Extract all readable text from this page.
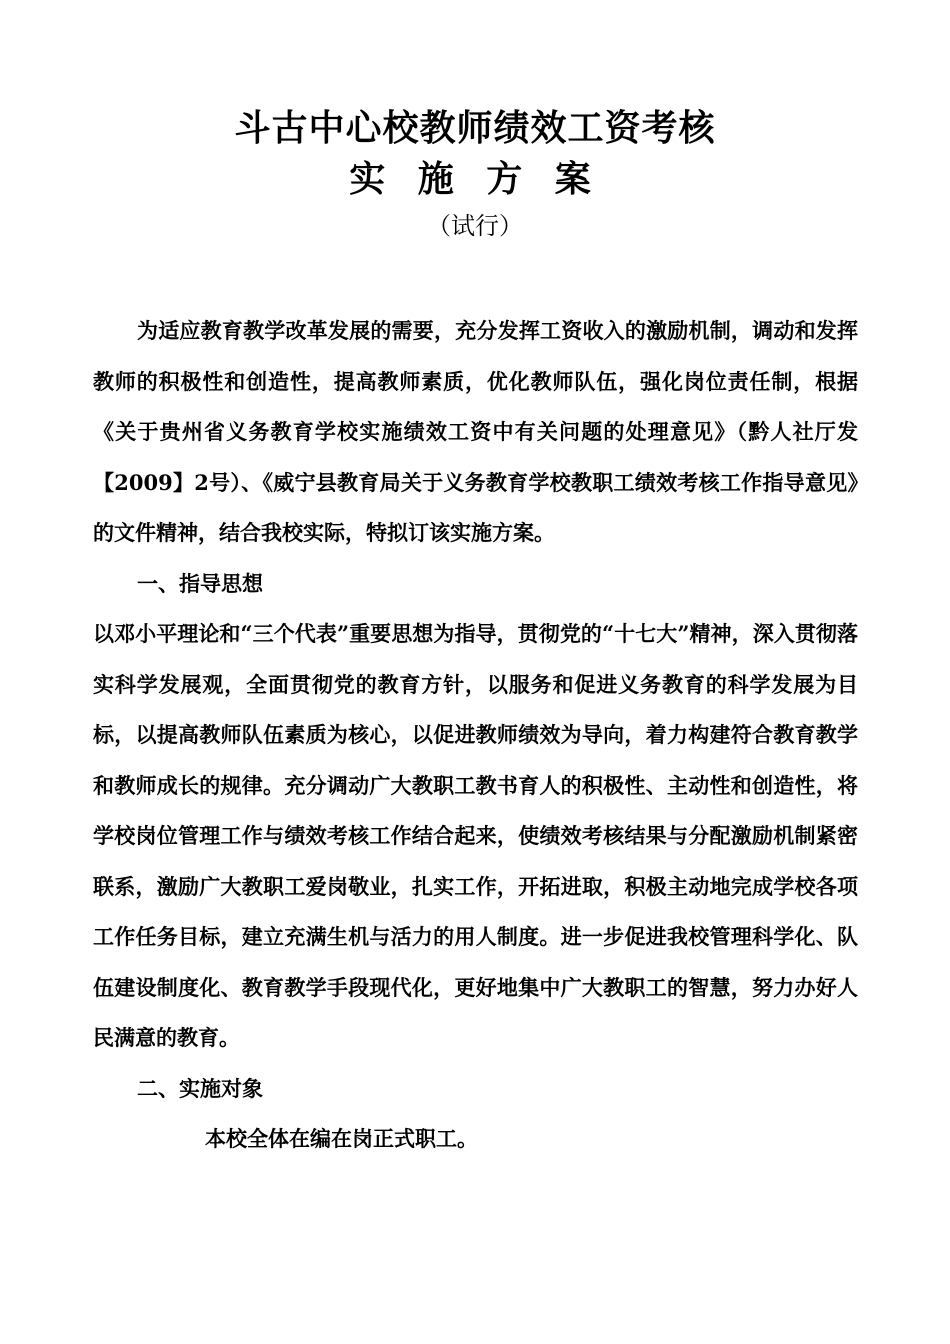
斗古中心校教师绩效工资考核
实 施 方 案
（试行）

为适应教育教学改革发展的需要，充分发挥工资收入的激励机制，调动和发挥教师的积极性和创造性，提高教师素质，优化教师队伍，强化岗位责任制，根据《关于贵州省义务教育学校实施绩效工资中有关问题的处理意见》（黔人社厅发【2009】2号）、《威宁县教育局关于义务教育学校教职工绩效考核工作指导意见》的文件精神，结合我校实际，特拟订该实施方案。

一、指导思想

以邓小平理论和“三个代表”重要思想为指导，贯彻党的“十七大”精神，深入贯彻落实科学发展观，全面贯彻党的教育方针，以服务和促进义务教育的科学发展为目标，以提高教师队伍素质为核心，以促进教师绩效为导向，着力构建符合教育教学和教师成长的规律。充分调动广大教职工教书育人的积极性、主动性和创造性，将学校岗位管理工作与绩效考核工作结合起来，使绩效考核结果与分配激励机制紧密联系，激励广大教职工爱岗敬业，扎实工作，开拓进取，积极主动地完成学校各项工作任务目标，建立充满生机与活力的用人制度。进一步促进我校管理科学化、队伍建设制度化、教育教学手段现代化，更好地集中广大教职工的智慧，努力办好人民满意的教育。

二、实施对象

本校全体在编在岗正式职工。
